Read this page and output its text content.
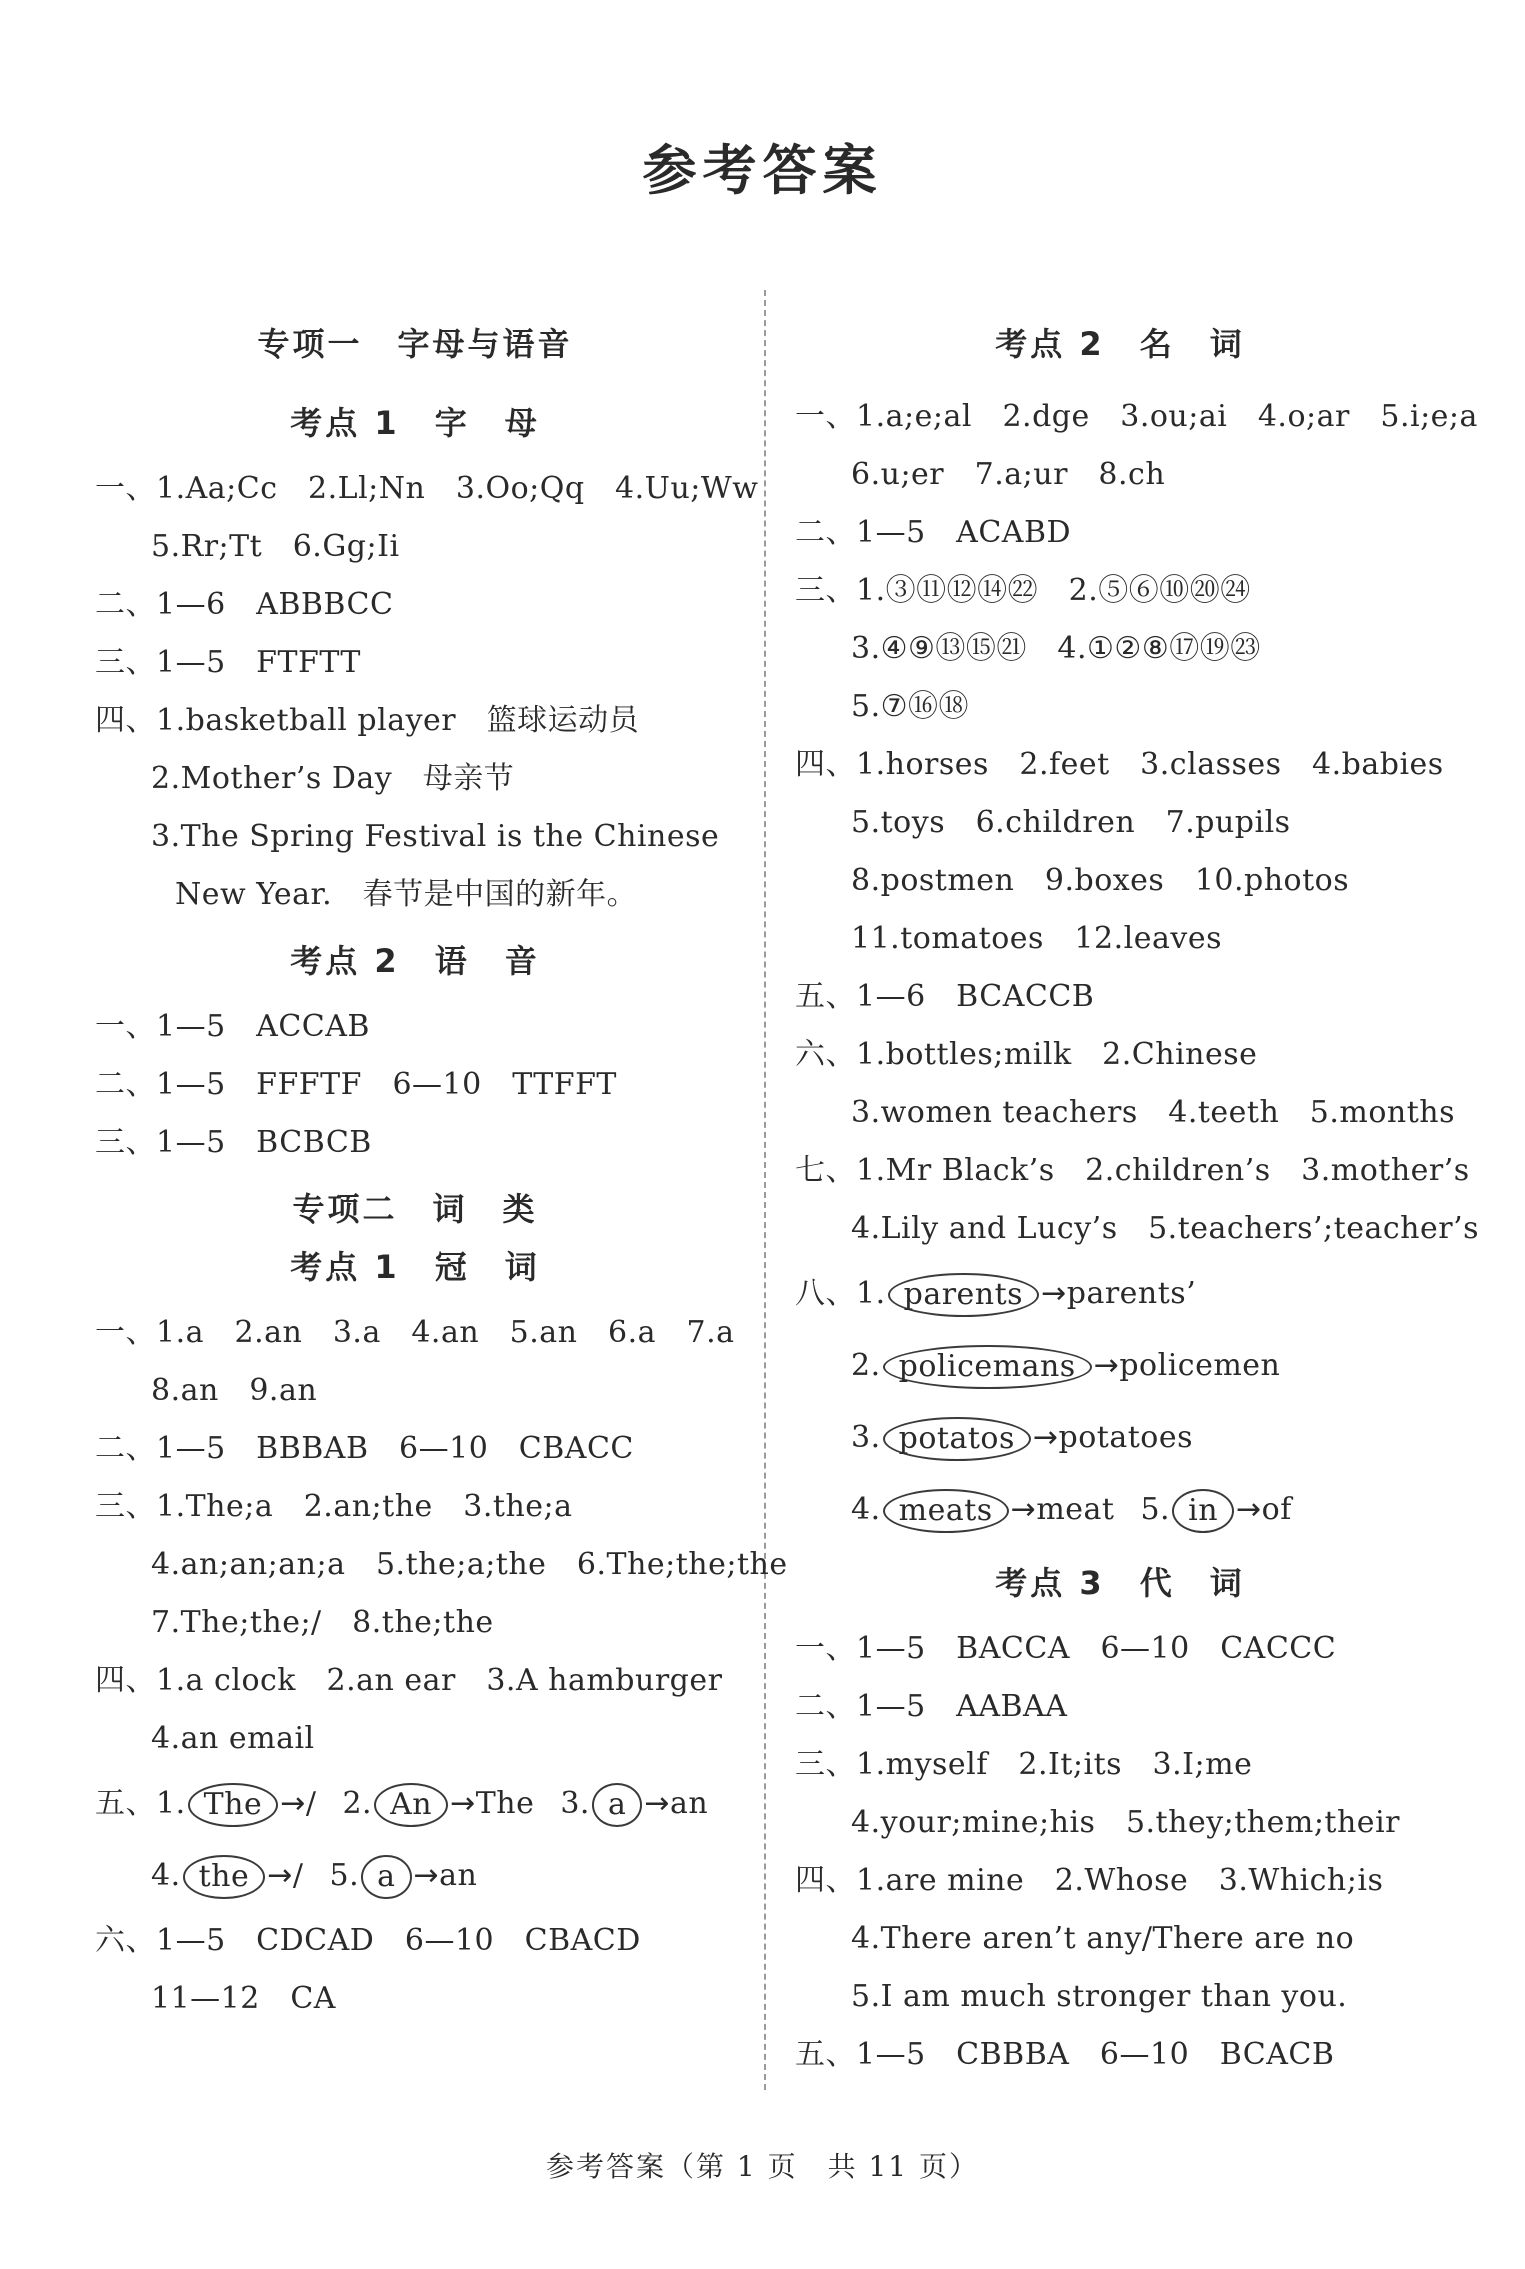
参考答案
专项一　字母与语音
考点 1　字　母
一、1.Aa;Cc　2.Ll;Nn　3.Oo;Qq　4.Uu;Ww
5.Rr;Tt　6.Gg;Ii
二、1—6　ABBBCC
三、1—5　FTFTT
四、1.basketball player　篮球运动员
2.Mother’s Day　母亲节
3.The Spring Festival is the Chinese
New Year.　春节是中国的新年。
考点 2　语　音
一、1—5　ACCAB
二、1—5　FFFTF　6—10　TTFFT
三、1—5　BCBCB
专项二　词　类
考点 1　冠　词
一、1.a　2.an　3.a　4.an　5.an　6.a　7.a
8.an　9.an
二、1—5　BBBAB　6—10　CBACC
三、1.The;a　2.an;the　3.the;a
4.an;an;an;a　5.the;a;the　6.The;the;the
7.The;the;/　8.the;the
四、1.a clock　2.an ear　3.A hamburger
4.an email
五、1. The →/ 2. An →The 3. a →an
4. the →/ 5. a →an
六、1—5　CDCAD　6—10　CBACD
11—12　CA
考点 2　名　词
一、1.a;e;al　2.dge　3.ou;ai　4.o;ar　5.i;e;a
6.u;er　7.a;ur　8.ch
二、1—5　ACABD
三、1.③⑪⑫⑭㉒　2.⑤⑥⑩⑳㉔
3.④⑨⑬⑮㉑　4.①②⑧⑰⑲㉓
5.⑦⑯⑱
四、1.horses　2.feet　3.classes　4.babies
5.toys　6.children　7.pupils
8.postmen　9.boxes　10.photos
11.tomatoes　12.leaves
五、1—6　BCACCB
六、1.bottles;milk　2.Chinese
3.women teachers　4.teeth　5.months
七、1.Mr Black’s　2.children’s　3.mother’s
4.Lily and Lucy’s　5.teachers’;teacher’s
八、1. parents →parents’
2. policemans →policemen
3. potatos →potatoes
4. meats →meat 5. in →of
考点 3　代　词
一、1—5　BACCA　6—10　CACCC
二、1—5　AABAA
三、1.myself　2.It;its　3.I;me
4.your;mine;his　5.they;them;their
四、1.are mine　2.Whose　3.Which;is
4.There aren’t any/There are no
5.I am much stronger than you.
五、1—5　CBBBA　6—10　BCACB
参考答案（第 1 页　共 11 页）
